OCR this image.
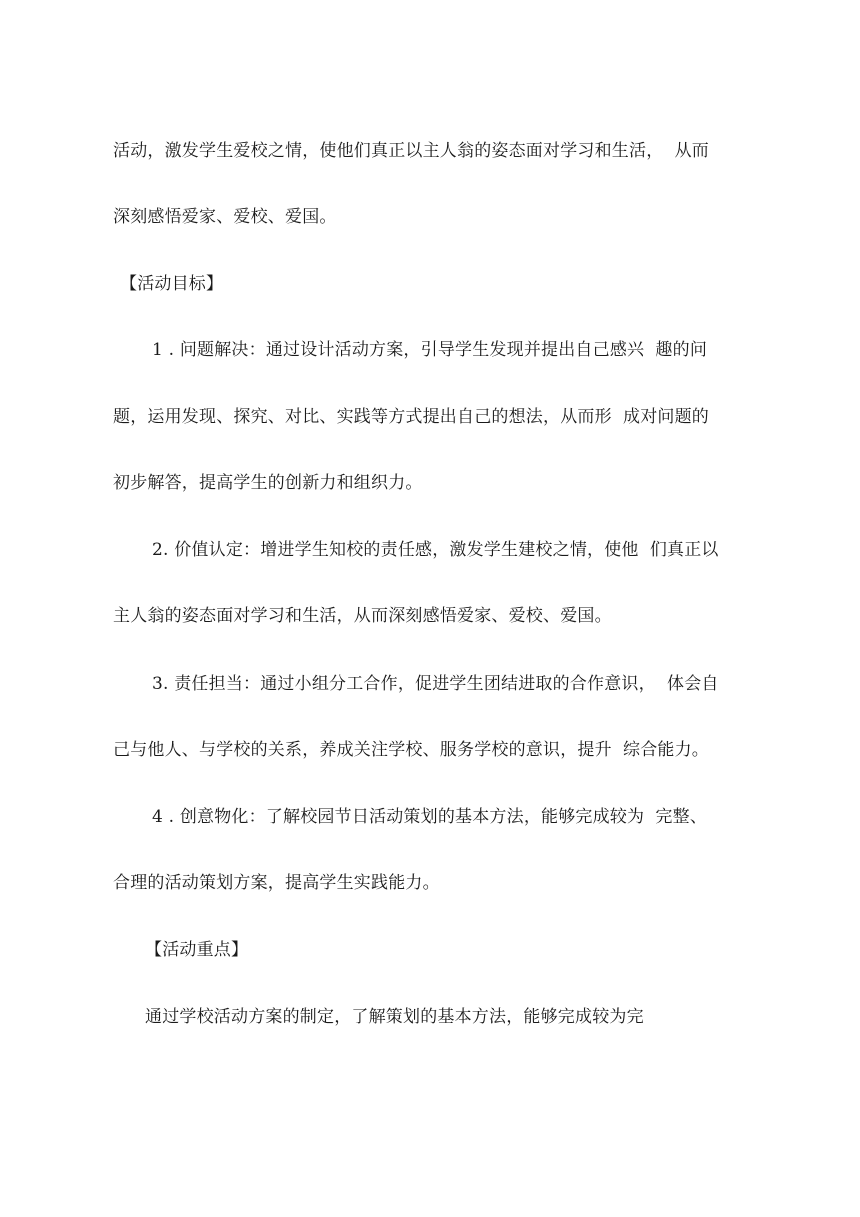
活动，激发学生爱校之情，使他们真正以主人翁的姿态面对学习和生活，  从而
深刻感悟爱家、爱校、爱国。
【活动目标】
1 . 问题解决：通过设计活动方案，引导学生发现并提出自己感兴  趣的问
题，运用发现、探究、对比、实践等方式提出自己的想法，从而形  成对问题的
初步解答，提高学生的创新力和组织力。
2. 价值认定：增进学生知校的责任感，激发学生建校之情，使他  们真正以
主人翁的姿态面对学习和生活，从而深刻感悟爱家、爱校、爱国。
3. 责任担当：通过小组分工合作，促进学生团结进取的合作意识，  体会自
己与他人、与学校的关系，养成关注学校、服务学校的意识，提升  综合能力。
4 . 创意物化：了解校园节日活动策划的基本方法，能够完成较为  完整、
合理的活动策划方案，提高学生实践能力。
【活动重点】
通过学校活动方案的制定，了解策划的基本方法，能够完成较为完
